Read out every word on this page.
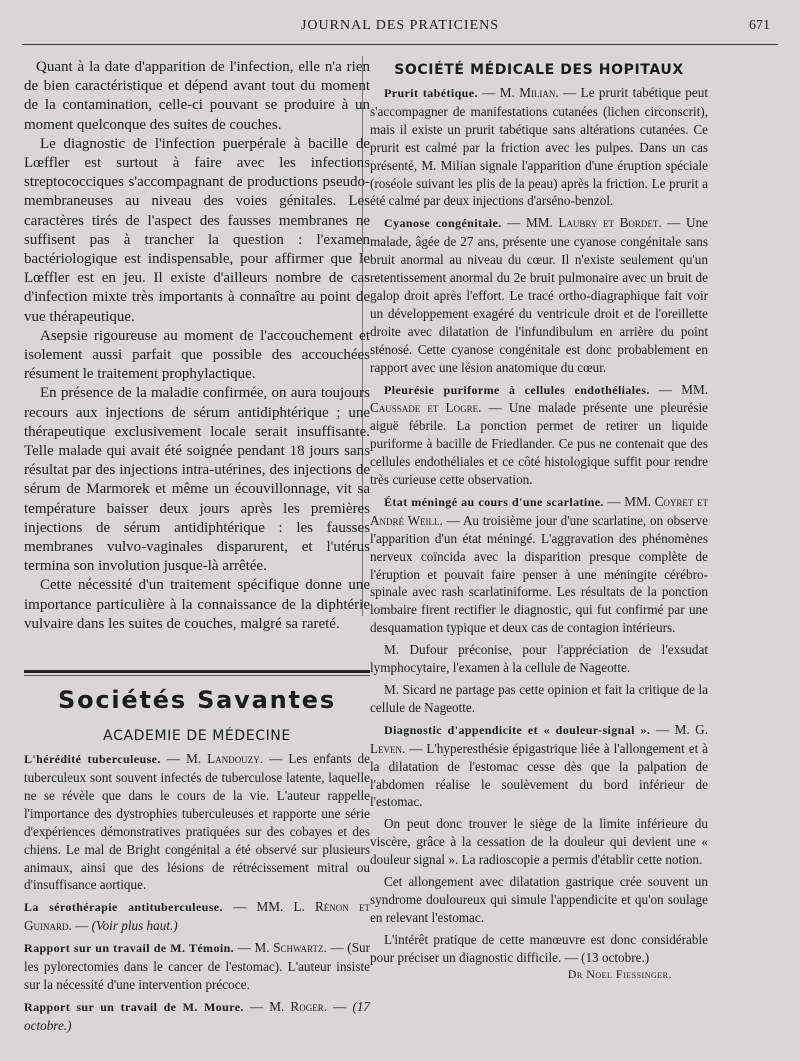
JOURNAL DES PRATICIENS	671

Quant à la date d'apparition de l'infection, elle n'a rien de bien caractéristique et dépend avant tout du moment de la contamination, celle-ci pouvant se produire à un moment quelconque des suites de couches.

Le diagnostic de l'infection puerpérale à bacille de Lœffler est surtout à faire avec les infections streptococciques s'accompagnant de productions pseudo-membraneuses au niveau des voies génitales. Les caractères tirés de l'aspect des fausses membranes ne suffisent pas à trancher la question : l'examen bactériologique est indispensable, pour affirmer que le Lœffler est en jeu. Il existe d'ailleurs nombre de cas d'infection mixte très importants à connaître au point de vue thérapeutique.

Asepsie rigoureuse au moment de l'accouchement et isolement aussi parfait que possible des accouchées résument le traitement prophylactique.

En présence de la maladie confirmée, on aura toujours recours aux injections de sérum antidiphtérique ; une thérapeutique exclusivement locale serait insuffisante. Telle malade qui avait été soignée pendant 18 jours sans résultat par des injections intra-utérines, des injections de sérum de Marmorek et même un écouvillonnage, vit sa température baisser deux jours après les premières injections de sérum antidiphtérique : les fausses membranes vulvo-vaginales disparurent, et l'utérus termina son involution jusque-là arrêtée.

Cette nécessité d'un traitement spécifique donne une importance particulière à la connaissance de la diphtérie vulvaire dans les suites de couches, malgré sa rareté.

Sociétés Savantes
ACADEMIE DE MÉDECINE

L'hérédité tuberculeuse. — M. Landouzy. — Les enfants de tuberculeux sont souvent infectés de tuberculose latente, laquelle ne se révèle que dans le cours de la vie. L'auteur rappelle l'importance des dystrophies tuberculeuses et rapporte une série d'expériences démonstratives pratiquées sur des cobayes et des chiens. Le mal de Bright congénital a été observé sur plusieurs animaux, ainsi que des lésions de rétrécissement mitral ou d'insuffisance aortique.

La sérothérapie antituberculeuse. — MM. L. Rénon et Guinard. — (Voir plus haut.)

Rapport sur un travail de M. Témoin. — M. Schwartz. — (Sur les pylorectomies dans le cancer de l'estomac). L'auteur insiste sur la nécessité d'une intervention précoce.

Rapport sur un travail de M. Moure. — M. Roger. — (17 octobre.)

SOCIÉTÉ MÉDICALE DES HOPITAUX

Prurit tabétique. — M. Milian. — Le prurit tabétique peut s'accompagner de manifestations cutanées (lichen circonscrit), mais il existe un prurit tabétique sans altérations cutanées. Ce prurit est calmé par la friction avec les pulpes. Dans un cas présenté, M. Milian signale l'apparition d'une éruption spéciale (roséole suivant les plis de la peau) après la friction. Le prurit a été calmé par deux injections d'arséno-benzol.

Cyanose congénitale. — MM. Laubry et Bordet. — Une malade, âgée de 27 ans, présente une cyanose congénitale sans bruit anormal au niveau du cœur. Il n'existe seulement qu'un retentissement anormal du 2e bruit pulmonaire avec un bruit de galop droit après l'effort. Le tracé ortho-diagraphique fait voir un développement exagéré du ventricule droit et de l'oreillette droite avec dilatation de l'infundibulum en arrière du point sténosé. Cette cyanose congénitale est donc probablement en rapport avec une lésion anatomique du cœur.

Pleurésie puriforme à cellules endothéliales. — MM. Caussade et Logre. — Une malade présente une pleurésie aiguë fébrile. La ponction permet de retirer un liquide puriforme à bacille de Friedlander. Ce pus ne contenait que des cellules endothéliales et ce côté histologique suffit pour rendre très curieuse cette observation.

État méningé au cours d'une scarlatine. — MM. Coyret et André Weill. — Au troisième jour d'une scarlatine, on observe l'apparition d'un état méningé. L'aggravation des phénomènes nerveux coïncida avec la disparition presque complète de l'éruption et pouvait faire penser à une méningite cérébro-spinale avec rash scarlatiniforme. Les résultats de la ponction lombaire firent rectifier le diagnostic, qui fut confirmé par une desquamation typique et deux cas de contagion intérieurs.

M. Dufour préconise, pour l'appréciation de l'exsudat lymphocytaire, l'examen à la cellule de Nageotte.

M. Sicard ne partage pas cette opinion et fait la critique de la cellule de Nageotte.

Diagnostic d'appendicite et « douleur-signal ». — M. G. Leven. — L'hyperesthésie épigastrique liée à l'allongement et à la dilatation de l'estomac cesse dès que la palpation de l'abdomen réalise le soulèvement du bord inférieur de l'estomac.

On peut donc trouver le siège de la limite inférieure du viscère, grâce à la cessation de la douleur qui devient une « douleur signal ». La radioscopie a permis d'établir cette notion.

Cet allongement avec dilatation gastrique crée souvent un syndrome douloureux qui simule l'appendicite et qu'on soulage en relevant l'estomac.

L'intérêt pratique de cette manœuvre est donc considérable pour préciser un diagnostic difficile. — (13 octobre.)

Dr Noel Fiessinger.
